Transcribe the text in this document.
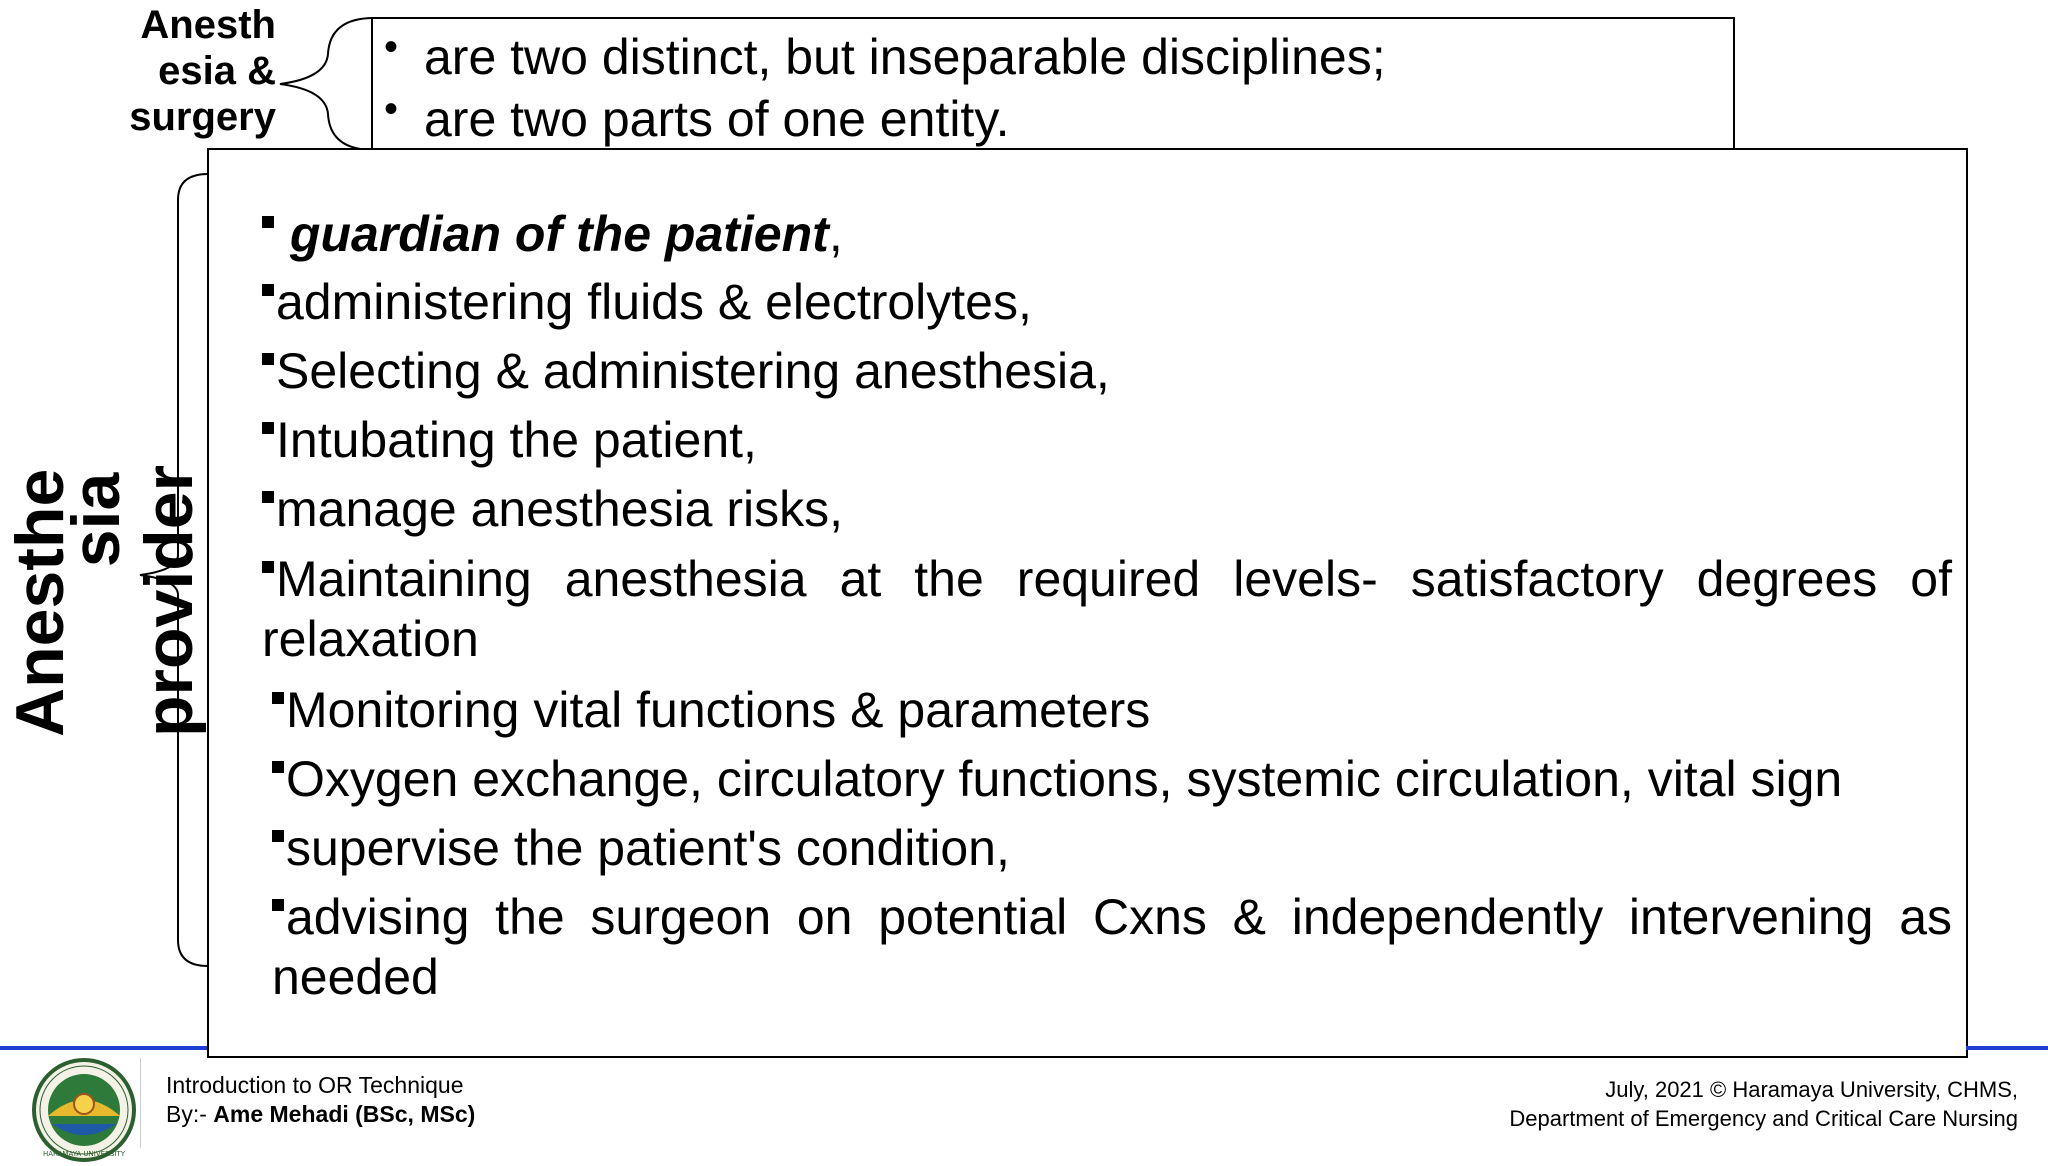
Anesth
esia &
surgery
• are two distinct, but inseparable disciplines;
• are two parts of one entity.
Anesthe
sia
provider
guardian of the patient,
administering fluids & electrolytes,
Selecting & administering anesthesia,
Intubating the patient,
manage anesthesia risks,
Maintaining anesthesia at the required levels- satisfactory degrees of relaxation
Monitoring vital functions & parameters
Oxygen exchange, circulatory functions, systemic circulation, vital sign
supervise the patient's condition,
advising the surgeon on potential Cxns & independently intervening as needed
HARAMAYA UNIVERSITY
Introduction to OR Technique
By:- Ame Mehadi (BSc, MSc)
July, 2021 © Haramaya University, CHMS,
Department of Emergency and Critical Care Nursing
